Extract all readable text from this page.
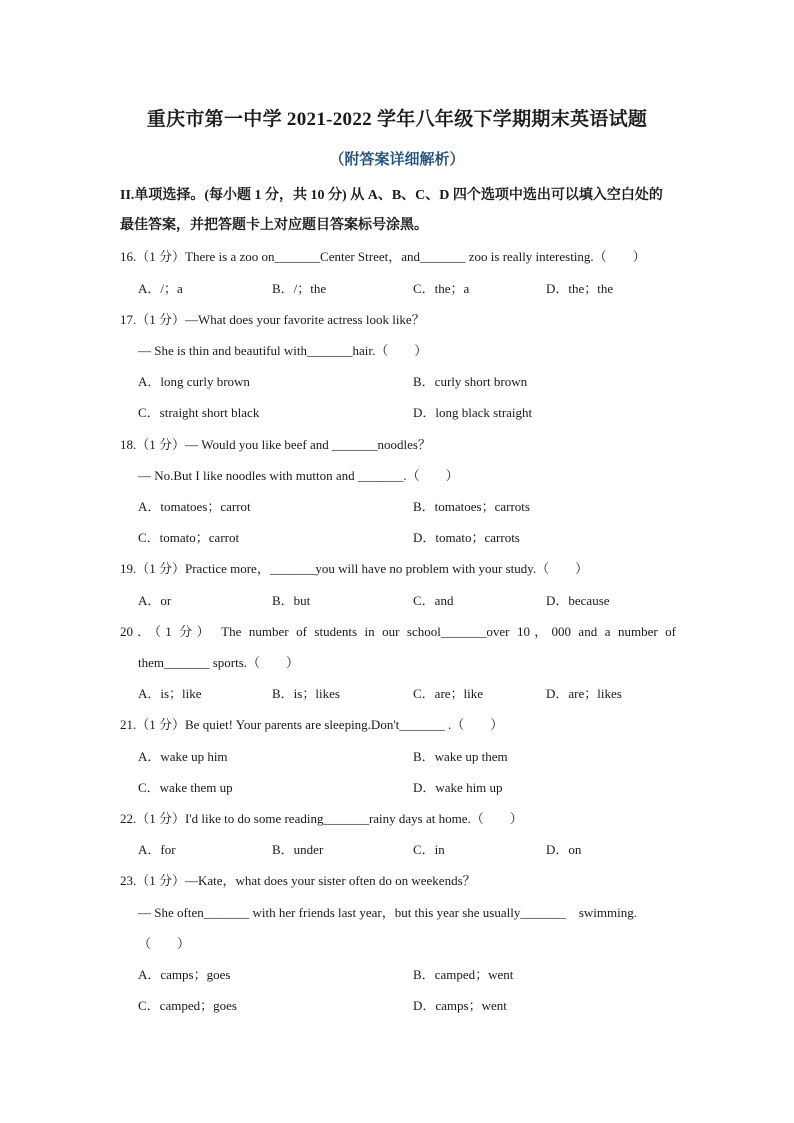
重庆市第一中学 2021-2022 学年八年级下学期期末英语试题
（附答案详细解析）
II.单项选择。(每小题 1 分，共 10 分) 从 A、B、C、D 四个选项中选出可以填入空白处的
最佳答案，并把答题卡上对应题目答案标号涂黑。
16.（1 分）There is a zoo on_______Center Street，and_______ zoo is really interesting.（　　）
A．/；a	B．/；the	C．the；a	D．the；the
17.（1 分）—What does your favorite actress look like？
— She is thin and beautiful with_______hair.（　　）
A．long curly brown	B．curly short brown
C．straight short black	D．long black straight
18.（1 分）— Would you like beef and _______noodles？
— No.But I like noodles with mutton and _______.（　　）
A．tomatoes；carrot	B．tomatoes；carrots
C．tomato；carrot	D．tomato；carrots
19.（1 分）Practice more，_______you will have no problem with your study.（　　）
A．or	B．but	C．and	D．because
20．（1 分） The number of students in our school_______over 10，000 and a number of
them_______ sports.（　　）
A．is；like	B．is；likes	C．are；like	D．are；likes
21.（1 分）Be quiet! Your parents are sleeping.Don't_______ .（　　）
A．wake up him	B．wake up them
C．wake them up	D．wake him up
22.（1 分）I'd like to do some reading_______rainy days at home.（　　）
A．for	B．under	C．in	D．on
23.（1 分）—Kate，what does your sister often do on weekends？
— She often_______ with her friends last year，but this year she usually_______　swimming.
（　　）
A．camps；goes	B．camped；went
C．camped；goes	D．camps；went
